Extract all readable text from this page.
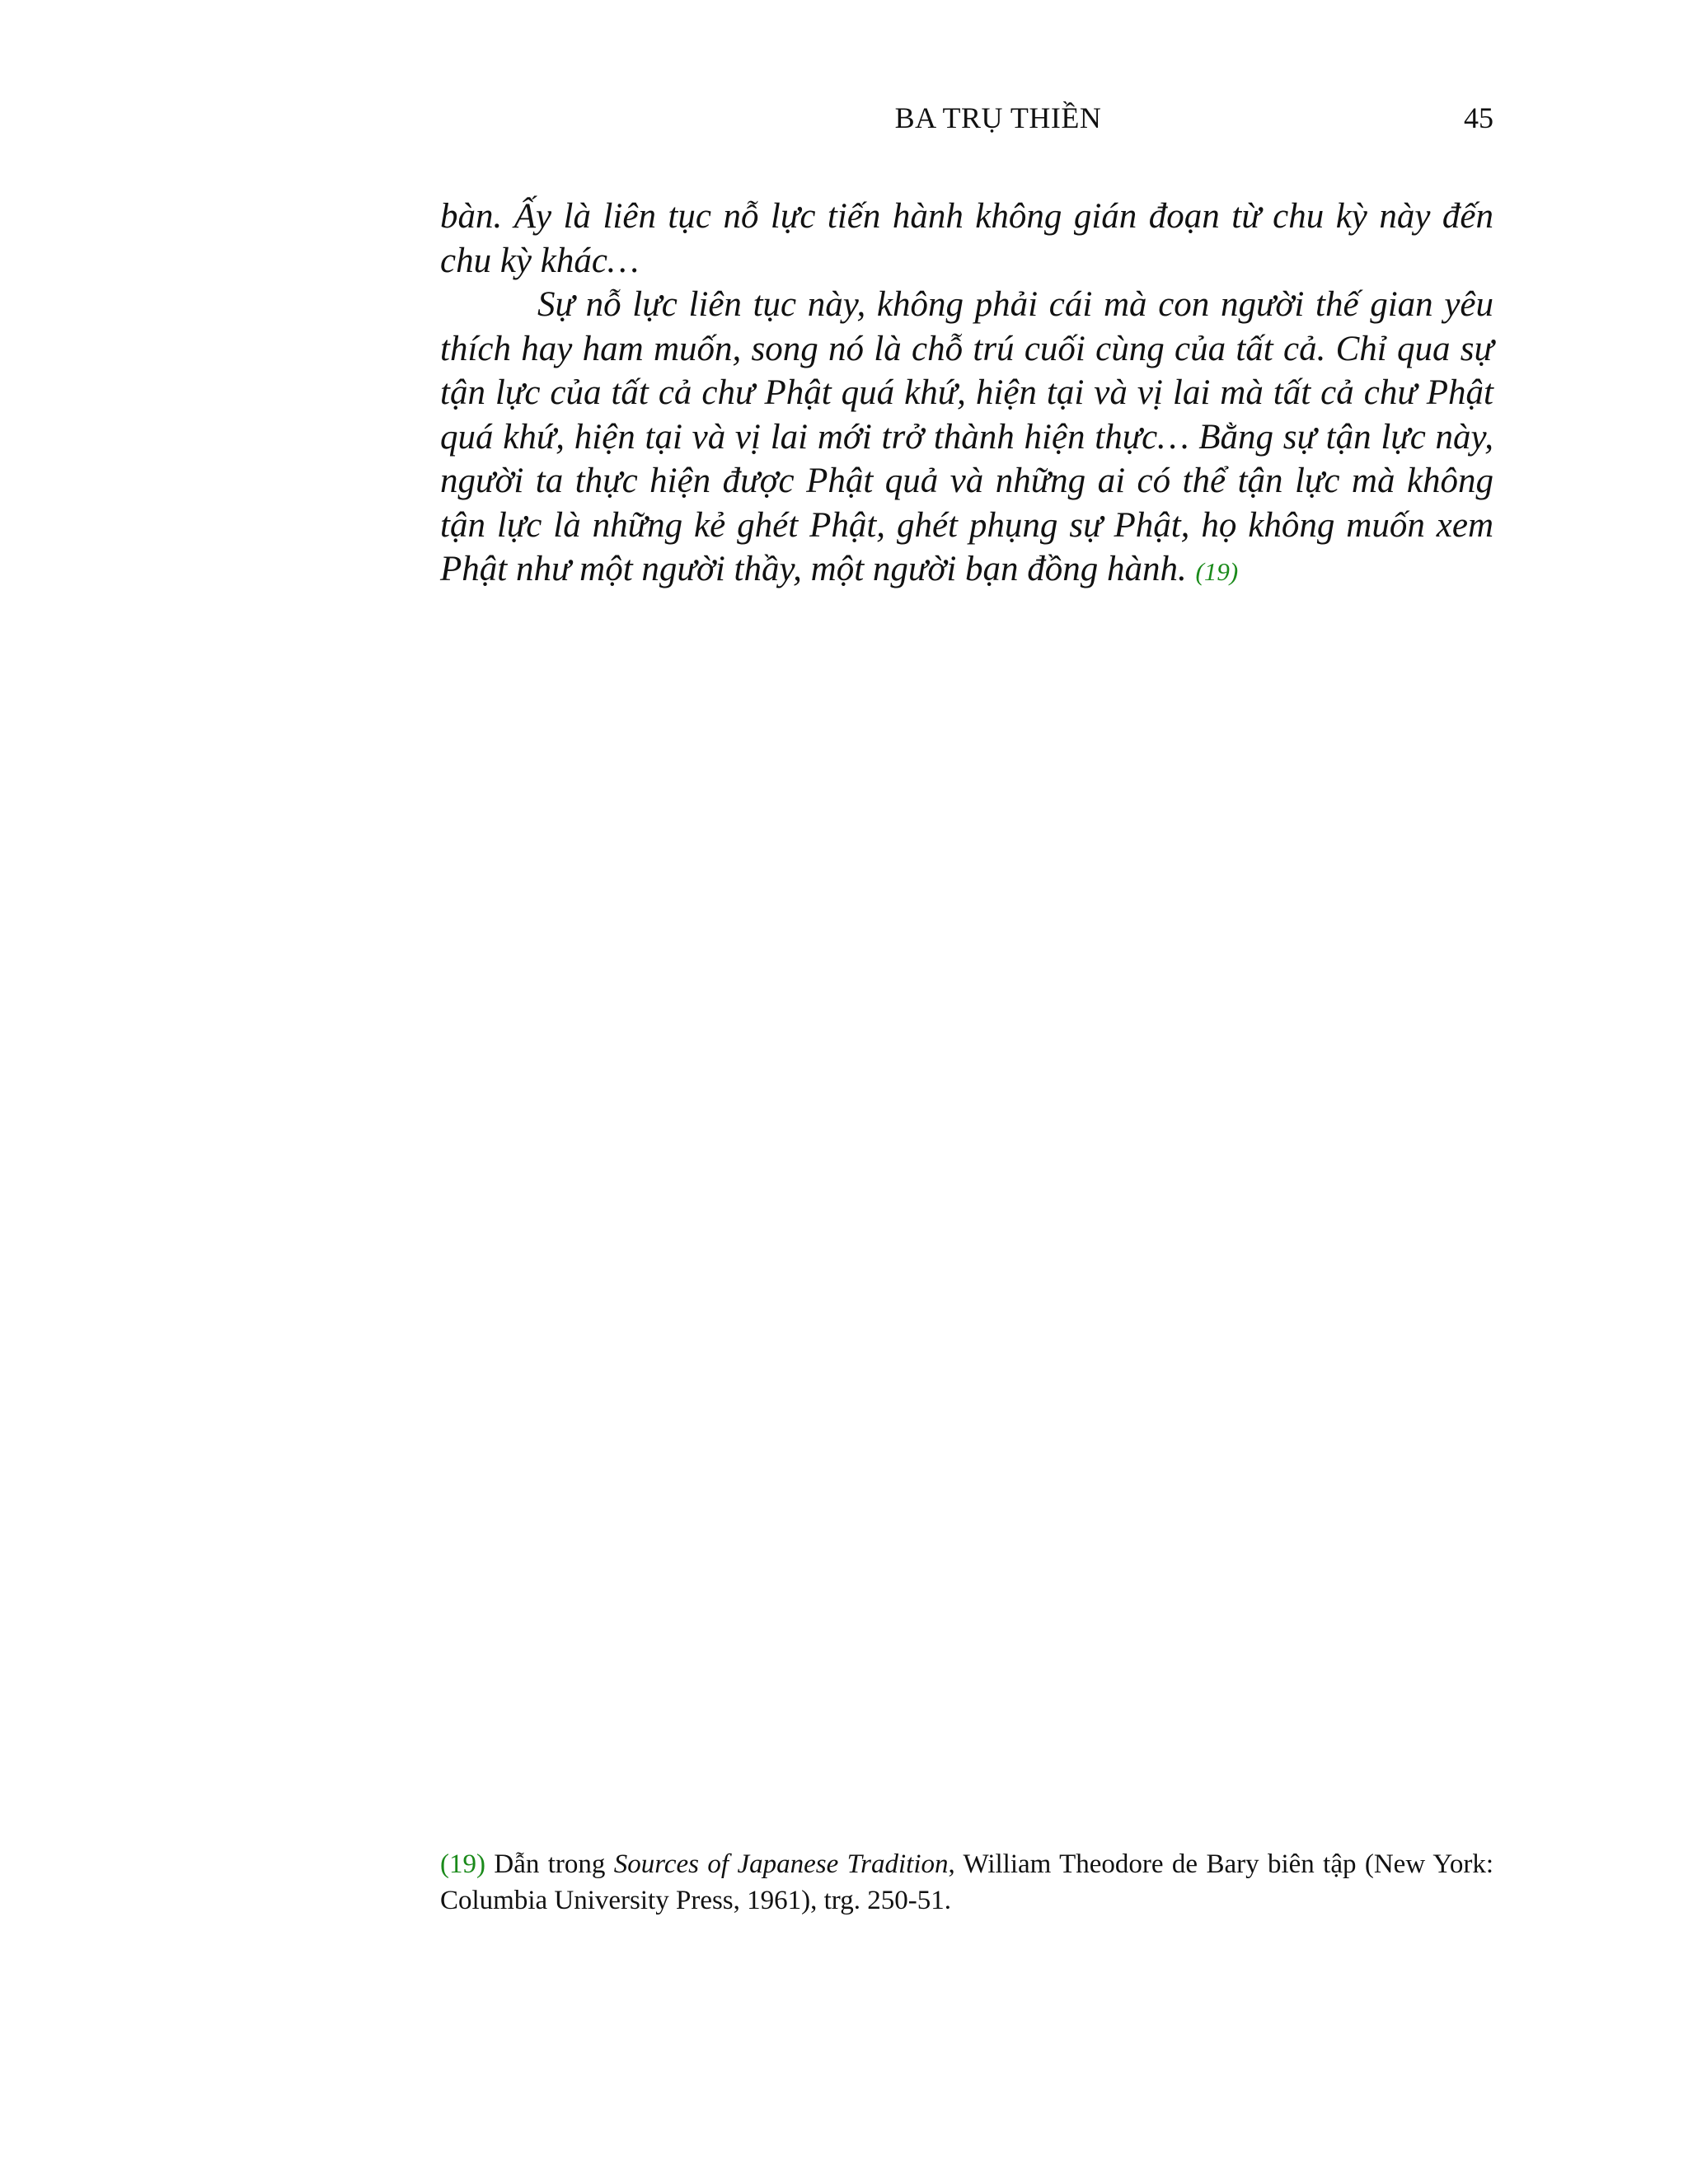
BA TRỤ THIỀN	45

bàn. Ấy là liên tục nỗ lực tiến hành không gián đoạn từ chu kỳ này đến chu kỳ khác…

Sự nỗ lực liên tục này, không phải cái mà con người thế gian yêu thích hay ham muốn, song nó là chỗ trú cuối cùng của tất cả. Chỉ qua sự tận lực của tất cả chư Phật quá khứ, hiện tại và vị lai mà tất cả chư Phật quá khứ, hiện tại và vị lai mới trở thành hiện thực… Bằng sự tận lực này, người ta thực hiện được Phật quả và những ai có thể tận lực mà không tận lực là những kẻ ghét Phật, ghét phụng sự Phật, họ không muốn xem Phật như một người thầy, một người bạn đồng hành. (19)

(19) Dẫn trong Sources of Japanese Tradition, William Theodore de Bary biên tập (New York: Columbia University Press, 1961), trg. 250-51.
